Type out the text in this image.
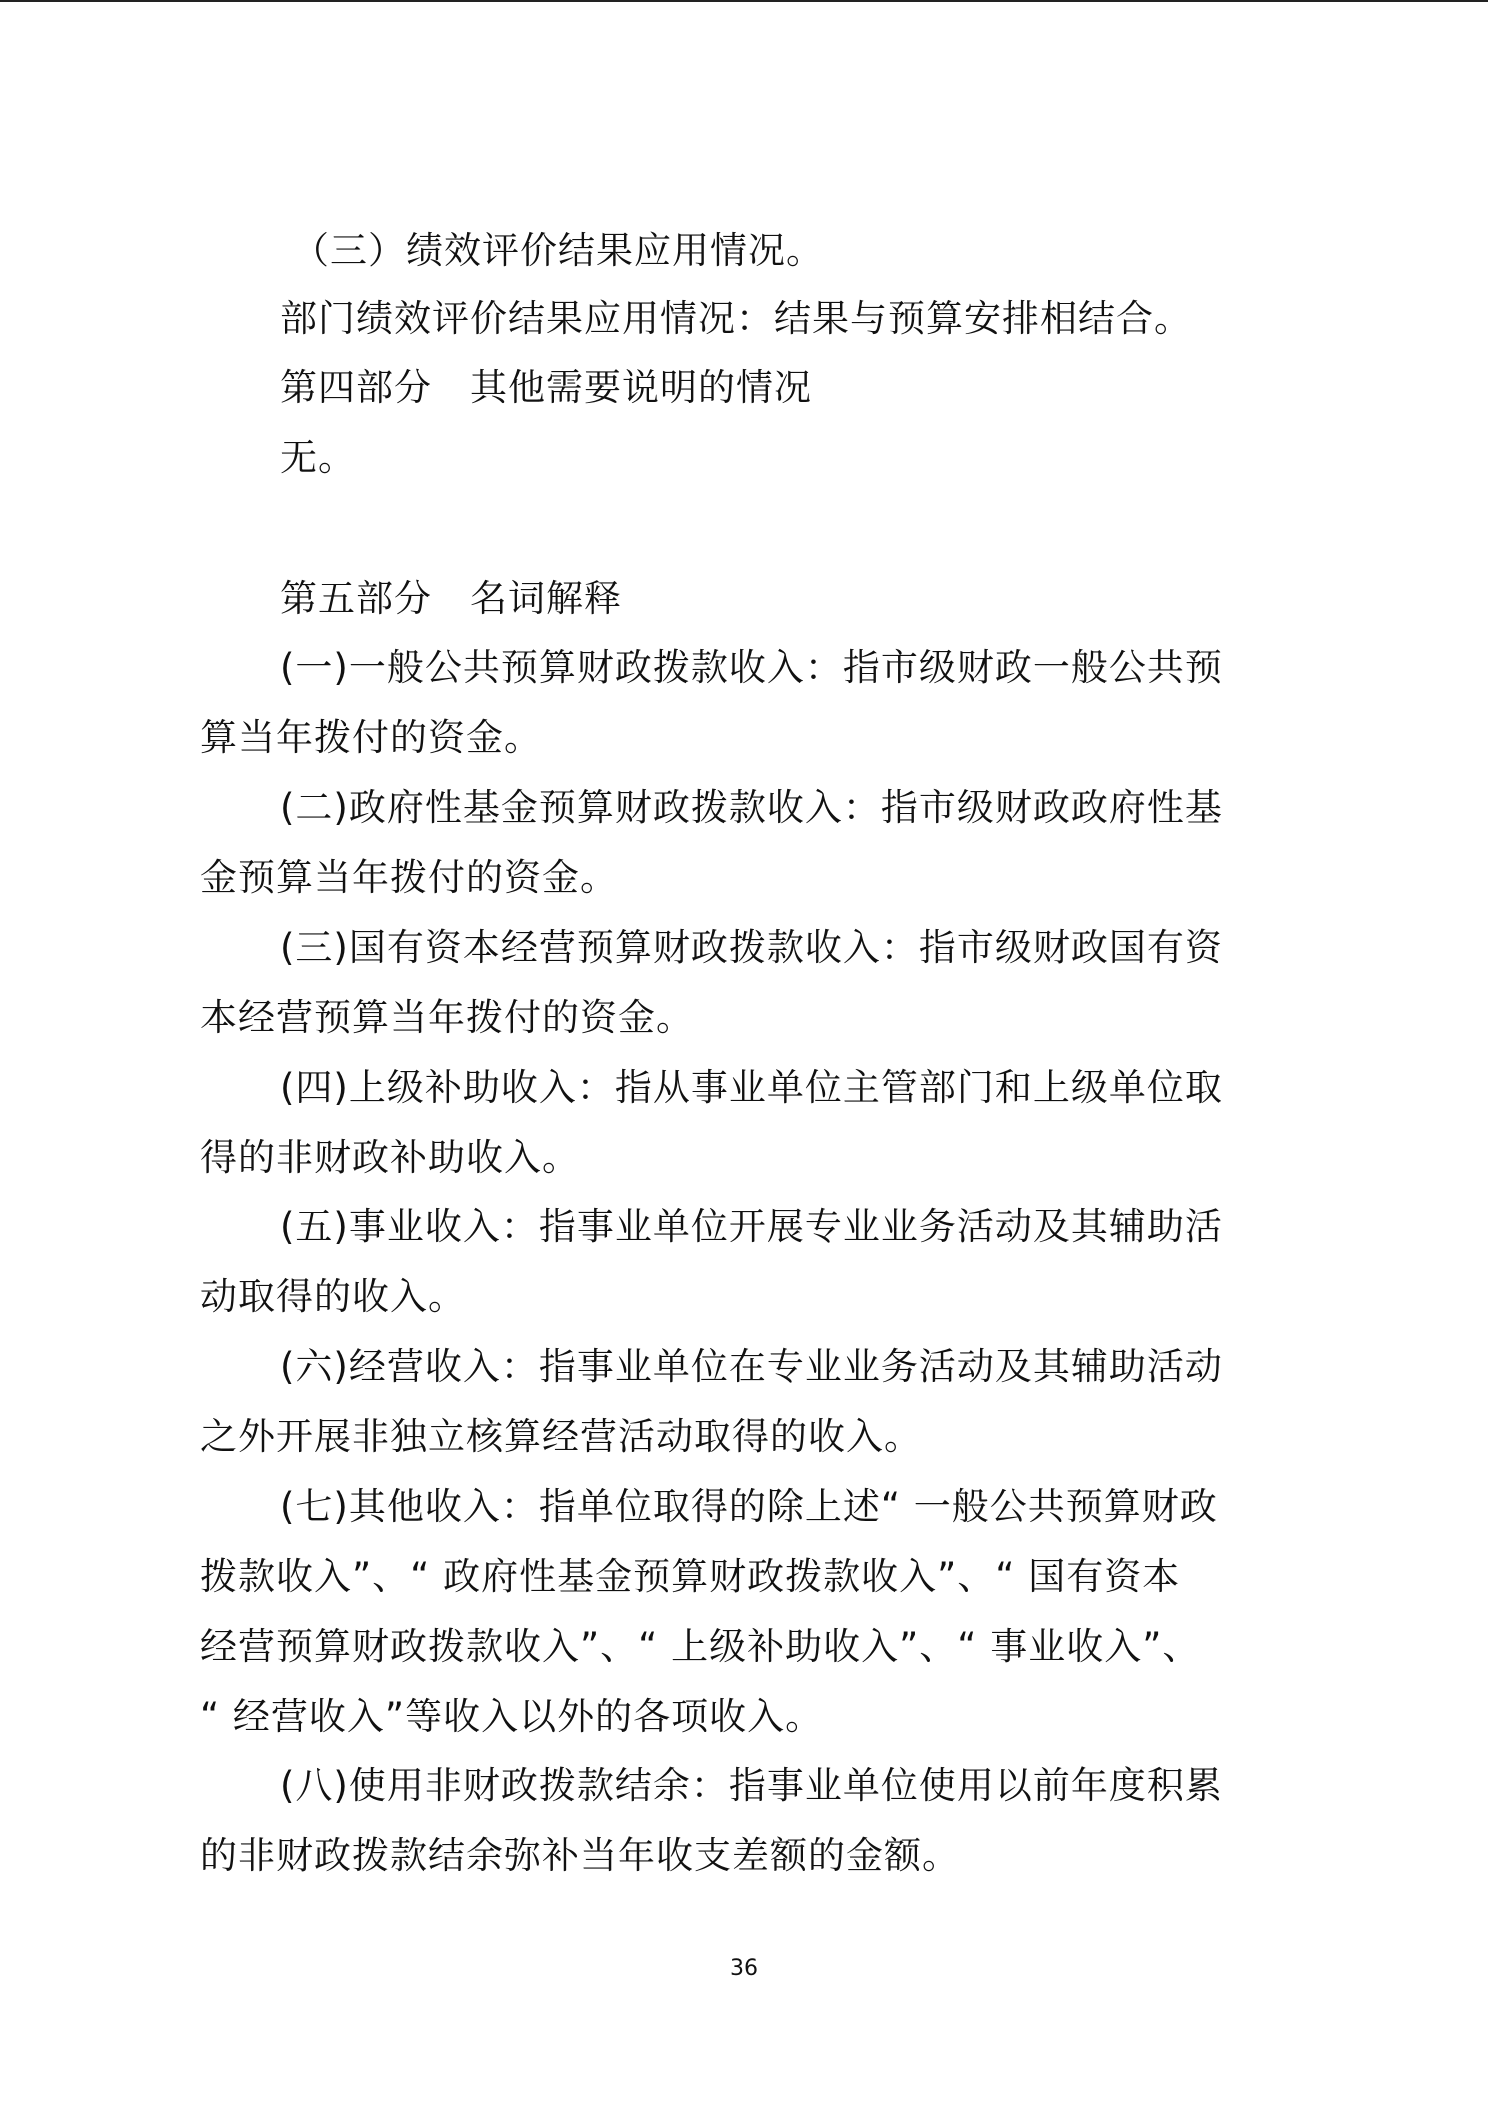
（三）绩效评价结果应用情况。
部门绩效评价结果应用情况：结果与预算安排相结合。
第四部分　其他需要说明的情况
无。
第五部分　名词解释
(一)一般公共预算财政拨款收入：指市级财政一般公共预
算当年拨付的资金。
(二)政府性基金预算财政拨款收入：指市级财政政府性基
金预算当年拨付的资金。
(三)国有资本经营预算财政拨款收入：指市级财政国有资
本经营预算当年拨付的资金。
(四)上级补助收入：指从事业单位主管部门和上级单位取
得的非财政补助收入。
(五)事业收入：指事业单位开展专业业务活动及其辅助活
动取得的收入。
(六)经营收入：指事业单位在专业业务活动及其辅助活动
之外开展非独立核算经营活动取得的收入。
(七)其他收入：指单位取得的除上述“ 一般公共预算财政
拨款收入”、“ 政府性基金预算财政拨款收入”、“ 国有资本
经营预算财政拨款收入”、“ 上级补助收入”、“ 事业收入”、
“ 经营收入”等收入以外的各项收入。
(八)使用非财政拨款结余：指事业单位使用以前年度积累
的非财政拨款结余弥补当年收支差额的金额。
36
